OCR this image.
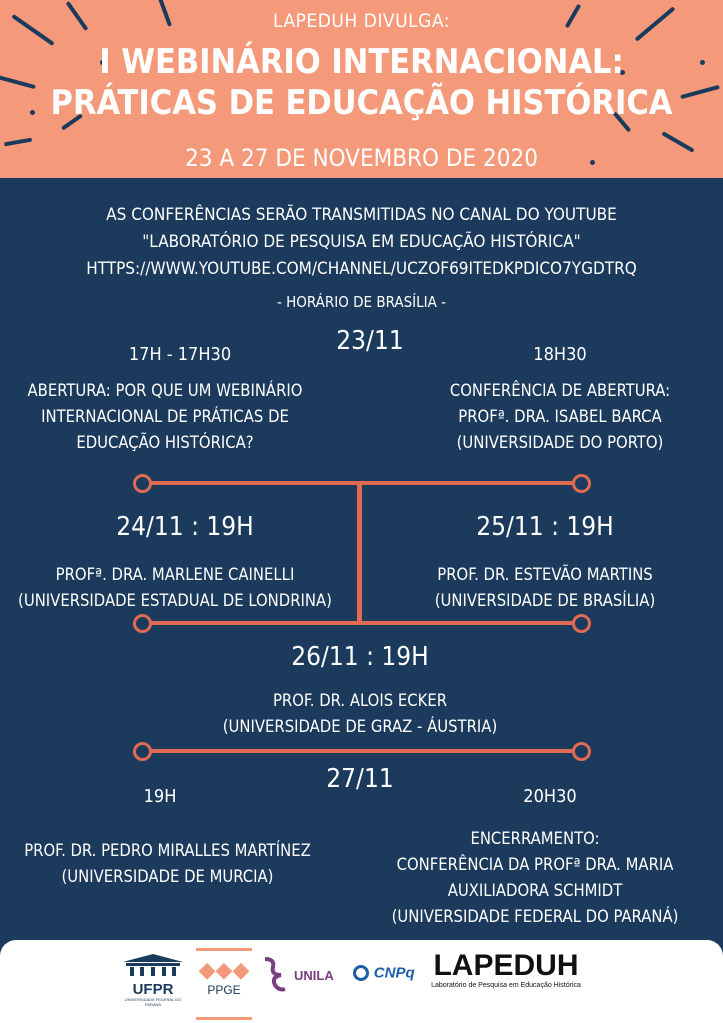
LAPEDUH DIVULGA:
I WEBINÁRIO INTERNACIONAL: PRÁTICAS DE EDUCAÇÃO HISTÓRICA
23 A 27 DE NOVEMBRO DE 2020
AS CONFERÊNCIAS SERÃO TRANSMITIDAS NO CANAL DO YOUTUBE
"LABORATÓRIO DE PESQUISA EM EDUCAÇÃO HISTÓRICA"
HTTPS://WWW.YOUTUBE.COM/CHANNEL/UCZOF69ITEDKPDICO7YGDTRQ
- HORÁRIO DE BRASÍLIA -
23/11
17H - 17H30
ABERTURA: POR QUE UM WEBINÁRIO INTERNACIONAL DE PRÁTICAS DE EDUCAÇÃO HISTÓRICA?
18H30
CONFERÊNCIA DE ABERTURA:
PROFª. DRA. ISABEL BARCA
(UNIVERSIDADE DO PORTO)
24/11 : 19H
PROFª. DRA. MARLENE CAINELLI
(UNIVERSIDADE ESTADUAL DE LONDRINA)
25/11 : 19H
PROF. DR. ESTEVÃO MARTINS
(UNIVERSIDADE DE BRASÍLIA)
26/11 : 19H
PROF. DR. ALOIS ECKER
(UNIVERSIDADE DE GRAZ - ÁUSTRIA)
27/11
19H	20H30
PROF. DR. PEDRO MIRALLES MARTÍNEZ
(UNIVERSIDADE DE MURCIA)
ENCERRAMENTO:
CONFERÊNCIA DA PROFª DRA. MARIA AUXILIADORA SCHMIDT
(UNIVERSIDADE FEDERAL DO PARANÁ)
UFPR
UNIVERSIDADE FEDERAL DO PARANÁ
◆◆◆
PPGE
UNILA	CNPq LAPEDUH
Laboratório de Pesquisa em Educação Histórica
